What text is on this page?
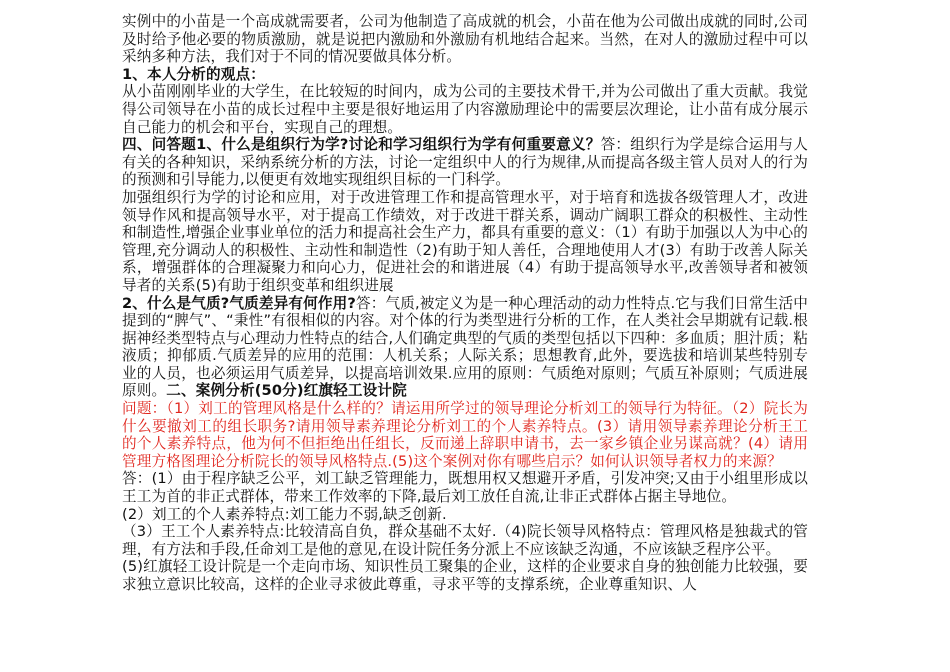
实例中的小苗是一个高成就需要者，公司为他制造了高成就的机会，小苗在他为公司做出成就的同时,公司及时给予他必要的物质激励，就是说把内激励和外激励有机地结合起来。当然，在对人的激励过程中可以采纳多种方法，我们对于不同的情况要做具体分析。

1、本人分析的观点：

从小苗刚刚毕业的大学生，在比较短的时间内，成为公司的主要技术骨干,并为公司做出了重大贡献。我觉得公司领导在小苗的成长过程中主要是很好地运用了内容激励理论中的需要层次理论，让小苗有成分展示自己能力的机会和平台，实现自己的理想。

四、问答题1、什么是组织行为学?讨论和学习组织行为学有何重要意义？答：组织行为学是综合运用与人有关的各种知识，采纳系统分析的方法，讨论一定组织中人的行为规律,从而提高各级主管人员对人的行为的预测和引导能力,以便更有效地实现组织目标的一门科学。

加强组织行为学的讨论和应用，对于改进管理工作和提高管理水平，对于培育和选拔各级管理人才，改进领导作风和提高领导水平，对于提高工作绩效，对于改进干群关系，调动广阔职工群众的积极性、主动性和制造性,增强企业事业单位的活力和提高社会生产力，都具有重要的意义：（1）有助于加强以人为中心的管理,充分调动人的积极性、主动性和制造性（2)有助于知人善任，合理地使用人才(3）有助于改善人际关系，增强群体的合理凝聚力和向心力，促进社会的和谐进展（4）有助于提高领导水平,改善领导者和被领导者的关系(5)有助于组织变革和组织进展

2、什么是气质?气质差异有何作用?答：气质,被定义为是一种心理活动的动力性特点.它与我们日常生活中提到的“脾气”、“秉性”有很相似的内容。对个体的行为类型进行分析的工作，在人类社会早期就有记载.根据神经类型特点与心理动力性特点的结合,人们确定典型的气质的类型包括以下四种：多血质；胆汁质；粘液质；抑郁质.气质差异的应用的范围：人机关系；人际关系；思想教育,此外，要选拔和培训某些特别专业的人员，也必须运用气质差异，以提高培训效果.应用的原则：气质绝对原则；气质互补原则；气质进展原则。二、案例分析(50分)红旗轻工设计院

问题：（1）刘工的管理风格是什么样的？请运用所学过的领导理论分析刘工的领导行为特征。（2）院长为什么要撤刘工的组长职务?请用领导素养理论分析刘工的个人素养特点。(3）请用领导素养理论分析王工的个人素养特点，他为何不但拒绝出任组长，反而递上辞职申请书，去一家乡镇企业另谋高就？(4）请用管理方格图理论分析院长的领导风格特点.(5)这个案例对你有哪些启示？如何认识领导者权力的来源？

答：(1）由于程序缺乏公平，刘工缺乏管理能力，既想用权又想避开矛盾，引发冲突;又由于小组里形成以王工为首的非正式群体，带来工作效率的下降,最后刘工放任自流,让非正式群体占据主导地位。

(2）刘工的个人素养特点:刘工能力不弱,缺乏创新.

（3）王工个人素养特点:比较清高自负，群众基础不太好.（4)院长领导风格特点：管理风格是独裁式的管理，有方法和手段,任命刘工是他的意见,在设计院任务分派上不应该缺乏沟通，不应该缺乏程序公平。

(5)红旗轻工设计院是一个走向市场、知识性员工聚集的企业，这样的企业要求自身的独创能力比较强，要求独立意识比较高，这样的企业寻求彼此尊重，寻求平等的支撑系统，企业尊重知识、人
